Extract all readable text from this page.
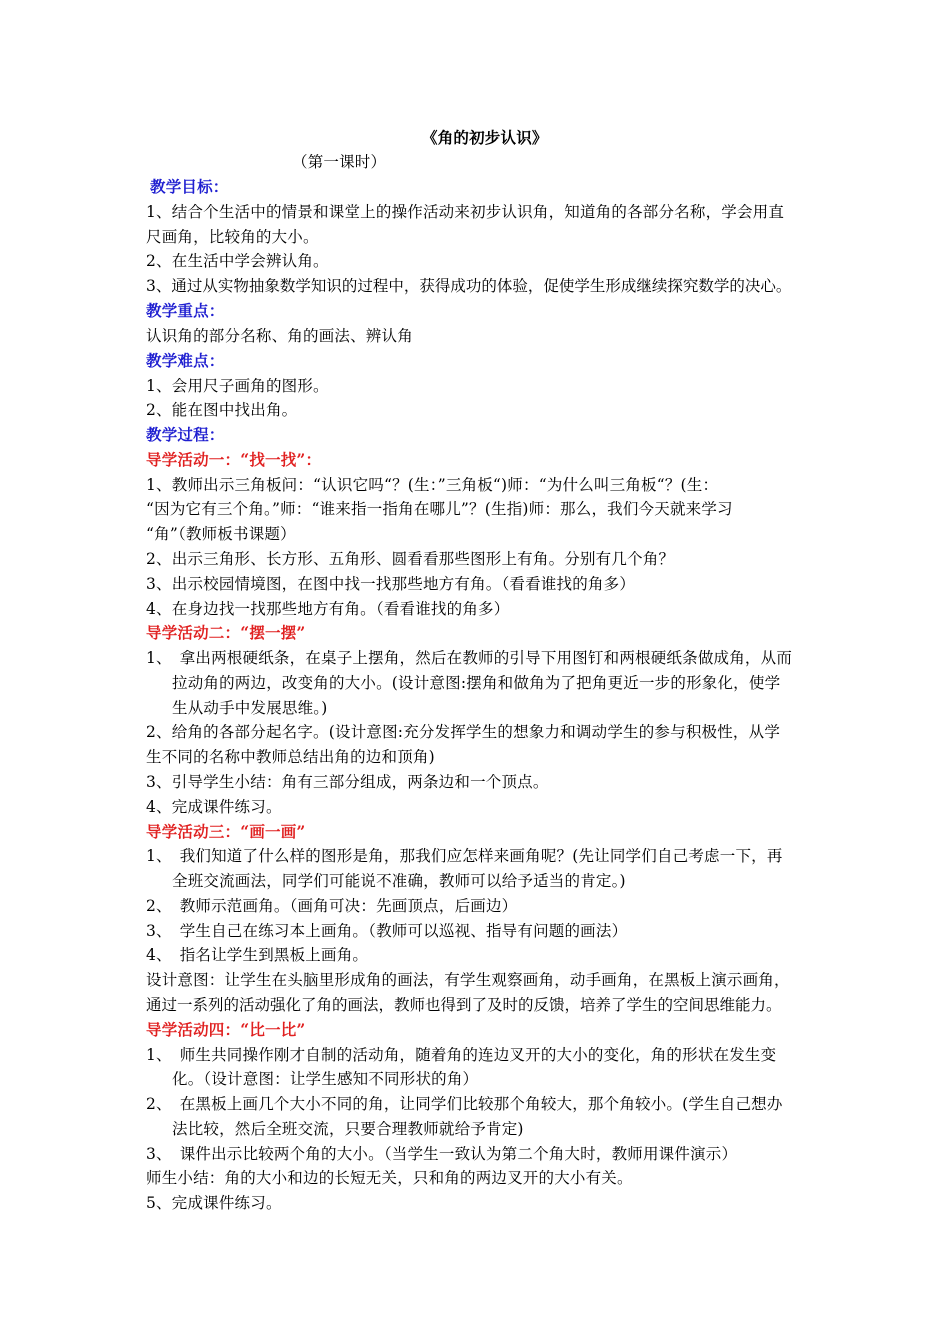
《角的初步认识》
（第一课时）
教学目标：
1、结合个生活中的情景和课堂上的操作活动来初步认识角，知道角的各部分名称，学会用直
尺画角，比较角的大小。
2、在生活中学会辨认角。
3、通过从实物抽象数学知识的过程中，获得成功的体验，促使学生形成继续探究数学的决心。
教学重点：
认识角的部分名称、角的画法、辨认角
教学难点：
1、会用尺子画角的图形。
2、能在图中找出角。
教学过程：
导学活动一：“找一找”：
1、教师出示三角板问：“认识它吗“？(生：”三角板“)师：“为什么叫三角板“？(生：
“因为它有三个角。”师：“谁来指一指角在哪儿”？(生指)师：那么，我们今天就来学习
“角”（教师板书课题）
2、出示三角形、长方形、五角形、圆看看那些图形上有角。分别有几个角？
3、出示校园情境图，在图中找一找那些地方有角。（看看谁找的角多）
4、在身边找一找那些地方有角。（看看谁找的角多）
导学活动二：“摆一摆”
1、　拿出两根硬纸条，在桌子上摆角，然后在教师的引导下用图钉和两根硬纸条做成角，从而
拉动角的两边，改变角的大小。(设计意图:摆角和做角为了把角更近一步的形象化，使学
生从动手中发展思维。)
2、给角的各部分起名字。(设计意图:充分发挥学生的想象力和调动学生的参与积极性，从学
生不同的名称中教师总结出角的边和顶角)
3、引导学生小结：角有三部分组成，两条边和一个顶点。
4、完成课件练习。
导学活动三：“画一画”
1、　我们知道了什么样的图形是角，那我们应怎样来画角呢？(先让同学们自己考虑一下，再
全班交流画法，同学们可能说不准确，教师可以给予适当的肯定。)
2、　教师示范画角。（画角可决：先画顶点，后画边）
3、　学生自己在练习本上画角。（教师可以巡视、指导有问题的画法）
4、　指名让学生到黑板上画角。
设计意图：让学生在头脑里形成角的画法，有学生观察画角，动手画角，在黑板上演示画角，
通过一系列的活动强化了角的画法，教师也得到了及时的反馈，培养了学生的空间思维能力。
导学活动四：“比一比”
1、　师生共同操作刚才自制的活动角，随着角的连边叉开的大小的变化，角的形状在发生变
化。（设计意图：让学生感知不同形状的角）
2、　在黑板上画几个大小不同的角，让同学们比较那个角较大，那个角较小。(学生自己想办
法比较，然后全班交流，只要合理教师就给予肯定)
3、　课件出示比较两个角的大小。（当学生一致认为第二个角大时，教师用课件演示）
师生小结：角的大小和边的长短无关，只和角的两边叉开的大小有关。
5、完成课件练习。
